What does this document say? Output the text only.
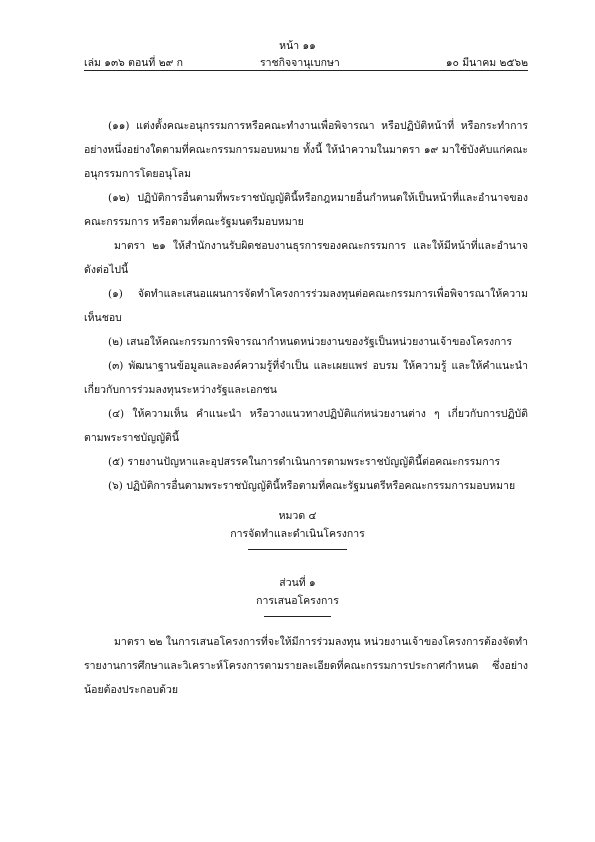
หน้า ๑๑
เล่ม ๑๓๖ ตอนที่ ๒๙ ก	ราชกิจจานุเบกษา	๑๐ มีนาคม ๒๕๖๒

(๑๑) แต่งตั้งคณะอนุกรรมการหรือคณะทำงานเพื่อพิจารณา หรือปฏิบัติหน้าที่ หรือกระทำการอย่างหนึ่งอย่างใดตามที่คณะกรรมการมอบหมาย ทั้งนี้ ให้นำความในมาตรา ๑๙ มาใช้บังคับแก่คณะอนุกรรมการโดยอนุโลม

(๑๒) ปฏิบัติการอื่นตามที่พระราชบัญญัตินี้หรือกฎหมายอื่นกำหนดให้เป็นหน้าที่และอำนาจของคณะกรรมการ หรือตามที่คณะรัฐมนตรีมอบหมาย

มาตรา ๒๑ ให้สำนักงานรับผิดชอบงานธุรการของคณะกรรมการ และให้มีหน้าที่และอำนาจดังต่อไปนี้

(๑) จัดทำและเสนอแผนการจัดทำโครงการร่วมลงทุนต่อคณะกรรมการเพื่อพิจารณาให้ความเห็นชอบ

(๒) เสนอให้คณะกรรมการพิจารณากำหนดหน่วยงานของรัฐเป็นหน่วยงานเจ้าของโครงการ

(๓) พัฒนาฐานข้อมูลและองค์ความรู้ที่จำเป็น และเผยแพร่ อบรม ให้ความรู้ และให้คำแนะนำเกี่ยวกับการร่วมลงทุนระหว่างรัฐและเอกชน

(๔) ให้ความเห็น คำแนะนำ หรือวางแนวทางปฏิบัติแก่หน่วยงานต่าง ๆ เกี่ยวกับการปฏิบัติตามพระราชบัญญัตินี้

(๕) รายงานปัญหาและอุปสรรคในการดำเนินการตามพระราชบัญญัตินี้ต่อคณะกรรมการ

(๖) ปฏิบัติการอื่นตามพระราชบัญญัตินี้หรือตามที่คณะรัฐมนตรีหรือคณะกรรมการมอบหมาย

หมวด ๔
การจัดทำและดำเนินโครงการ
ส่วนที่ ๑
การเสนอโครงการ

มาตรา ๒๒ ในการเสนอโครงการที่จะให้มีการร่วมลงทุน หน่วยงานเจ้าของโครงการต้องจัดทำรายงานการศึกษาและวิเคราะห์โครงการตามรายละเอียดที่คณะกรรมการประกาศกำหนด ซึ่งอย่างน้อยต้องประกอบด้วย
